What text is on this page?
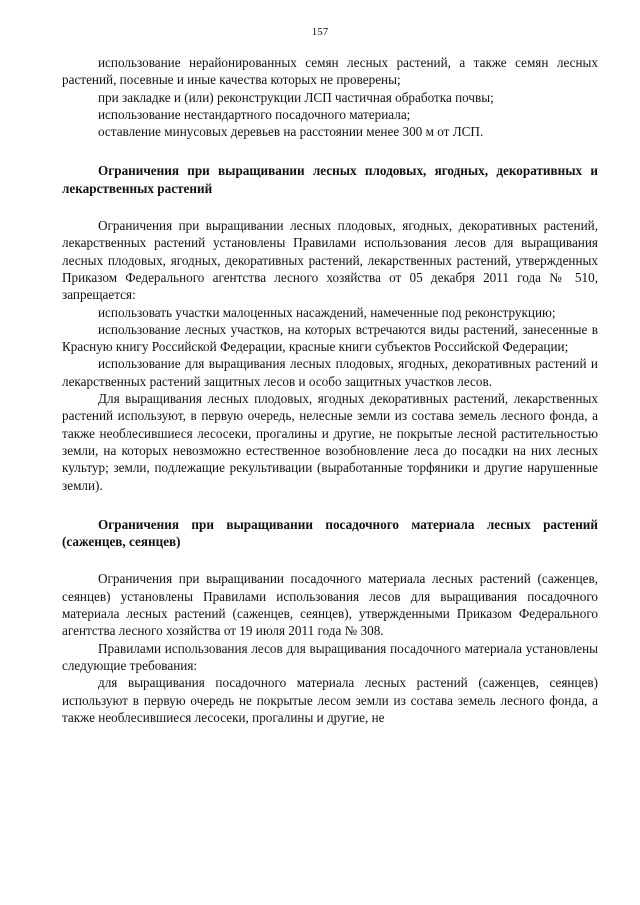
157

использование нерайонированных семян лесных растений, а также семян лесных растений, посевные и иные качества которых не проверены;

при закладке и (или) реконструкции ЛСП частичная обработка почвы;

использование нестандартного посадочного материала;

оставление минусовых деревьев на расстоянии менее 300 м от ЛСП.

Ограничения при выращивании лесных плодовых, ягодных, декоративных и лекарственных растений

Ограничения при выращивании лесных плодовых, ягодных, декоративных растений, лекарственных растений установлены Правилами использования лесов для выращивания лесных плодовых, ягодных, декоративных растений, лекарственных растений, утвержденных Приказом Федерального агентства лесного хозяйства от 05 декабря 2011 года № 510, запрещается:

использовать участки малоценных насаждений, намеченные под реконструкцию;

использование лесных участков, на которых встречаются виды растений, занесенные в Красную книгу Российской Федерации, красные книги субъектов Российской Федерации;

использование для выращивания лесных плодовых, ягодных, декоративных растений и лекарственных растений защитных лесов и особо защитных участков лесов.

Для выращивания лесных плодовых, ягодных декоративных растений, лекарственных растений используют, в первую очередь, нелесные земли из состава земель лесного фонда, а также необлесившиеся лесосеки, прогалины и другие, не покрытые лесной растительностью земли, на которых невозможно естественное возобновление леса до посадки на них лесных культур; земли, подлежащие рекультивации (выработанные торфяники и другие нарушенные земли).

Ограничения при выращивании посадочного материала лесных растений (саженцев, сеянцев)

Ограничения при выращивании посадочного материала лесных растений (саженцев, сеянцев) установлены Правилами использования лесов для выращивания посадочного материала лесных растений (саженцев, сеянцев), утвержденными Приказом Федерального агентства лесного хозяйства от 19 июля 2011 года № 308.

Правилами использования лесов для выращивания посадочного материала установлены следующие требования:

для выращивания посадочного материала лесных растений (саженцев, сеянцев) используют в первую очередь не покрытые лесом земли из состава земель лесного фонда, а также необлесившиеся лесосеки, прогалины и другие, не
